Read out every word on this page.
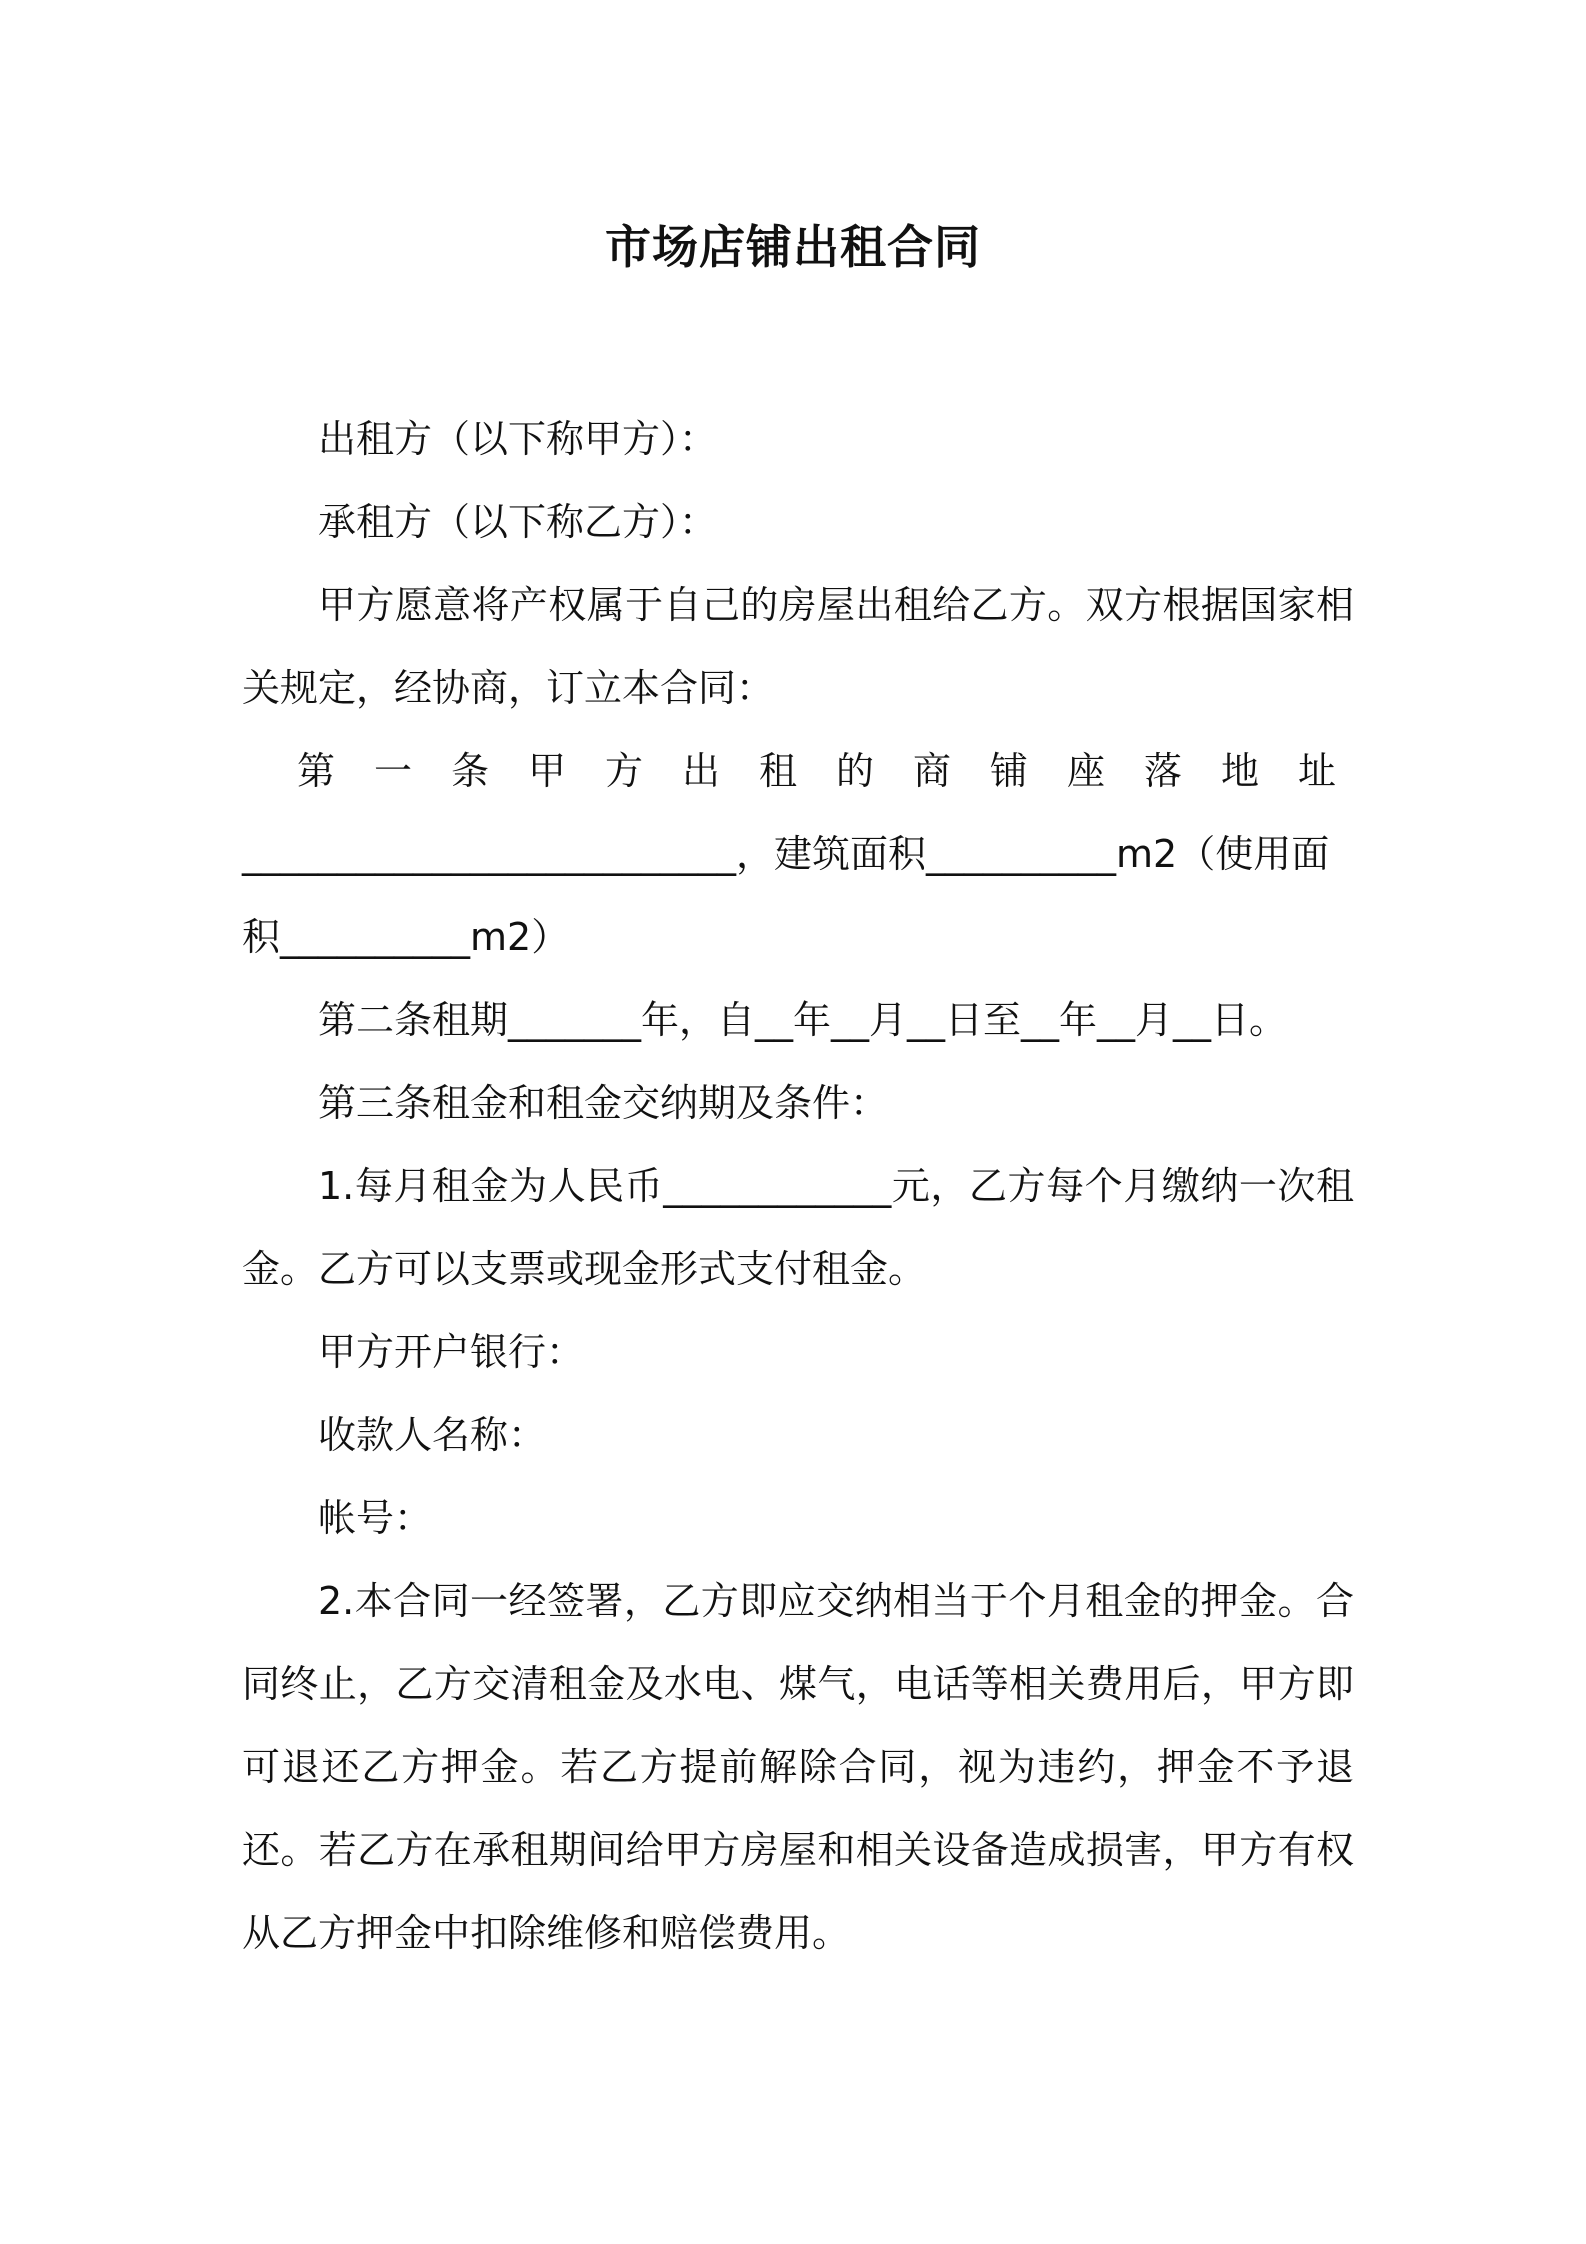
市场店铺出租合同

出租方（以下称甲方）：

承租方（以下称乙方）：

甲方愿意将产权属于自己的房屋出租给乙方。双方根据国家相关规定，经协商，订立本合同：

第一条甲方出租的商铺座落地址

__________________________，建筑面积__________m2（使用面积__________m2）

第二条租期_______年，自__年__月__日至__年__月__日。

第三条租金和租金交纳期及条件：

1.每月租金为人民币____________元，乙方每个月缴纳一次租金。乙方可以支票或现金形式支付租金。

甲方开户银行：

收款人名称：

帐号：

2.本合同一经签署，乙方即应交纳相当于个月租金的押金。合同终止，乙方交清租金及水电、煤气，电话等相关费用后，甲方即可退还乙方押金。若乙方提前解除合同，视为违约，押金不予退还。若乙方在承租期间给甲方房屋和相关设备造成损害，甲方有权从乙方押金中扣除维修和赔偿费用。
